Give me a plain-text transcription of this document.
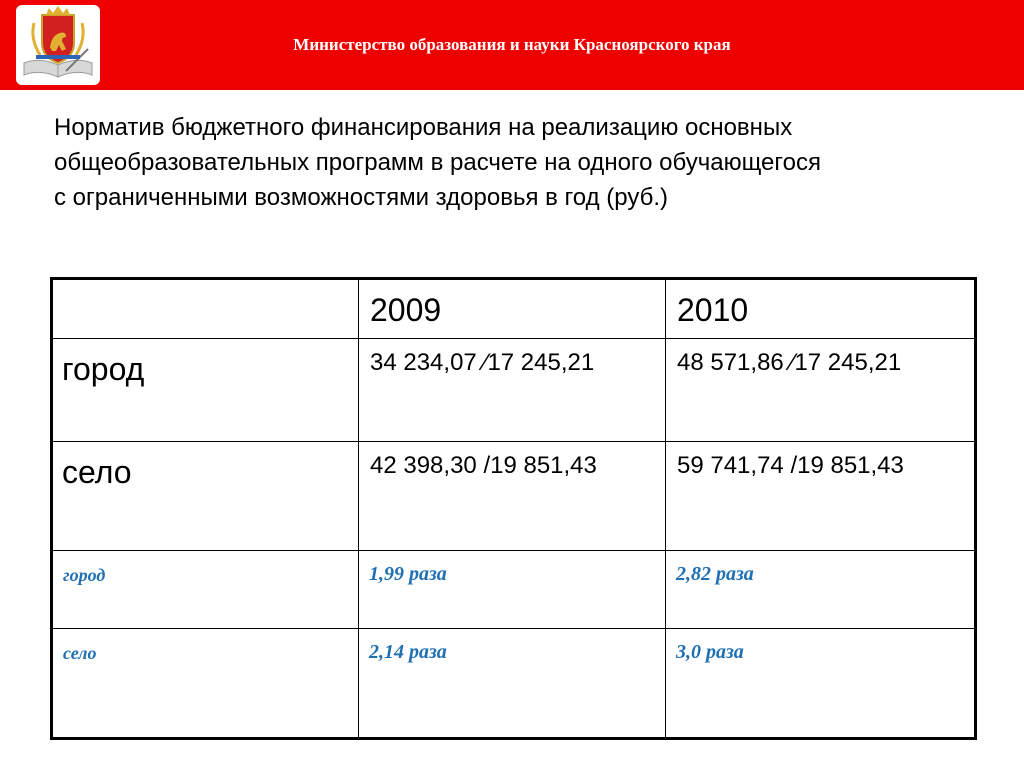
Министерство образования и науки Красноярского края
Норматив бюджетного финансирования на реализацию основных
общеобразовательных программ в расчете на одного обучающегося
с ограниченными возможностями здоровья в год (руб.)

	2009	2010

город	34 234,07 ⁄17 245,21	48 571,86 ⁄17 245,21

село	42 398,30 /19 851,43	59 741,74 /19 851,43

город	1,99 раза	2,82 раза

село	2,14 раза	3,0 раза
